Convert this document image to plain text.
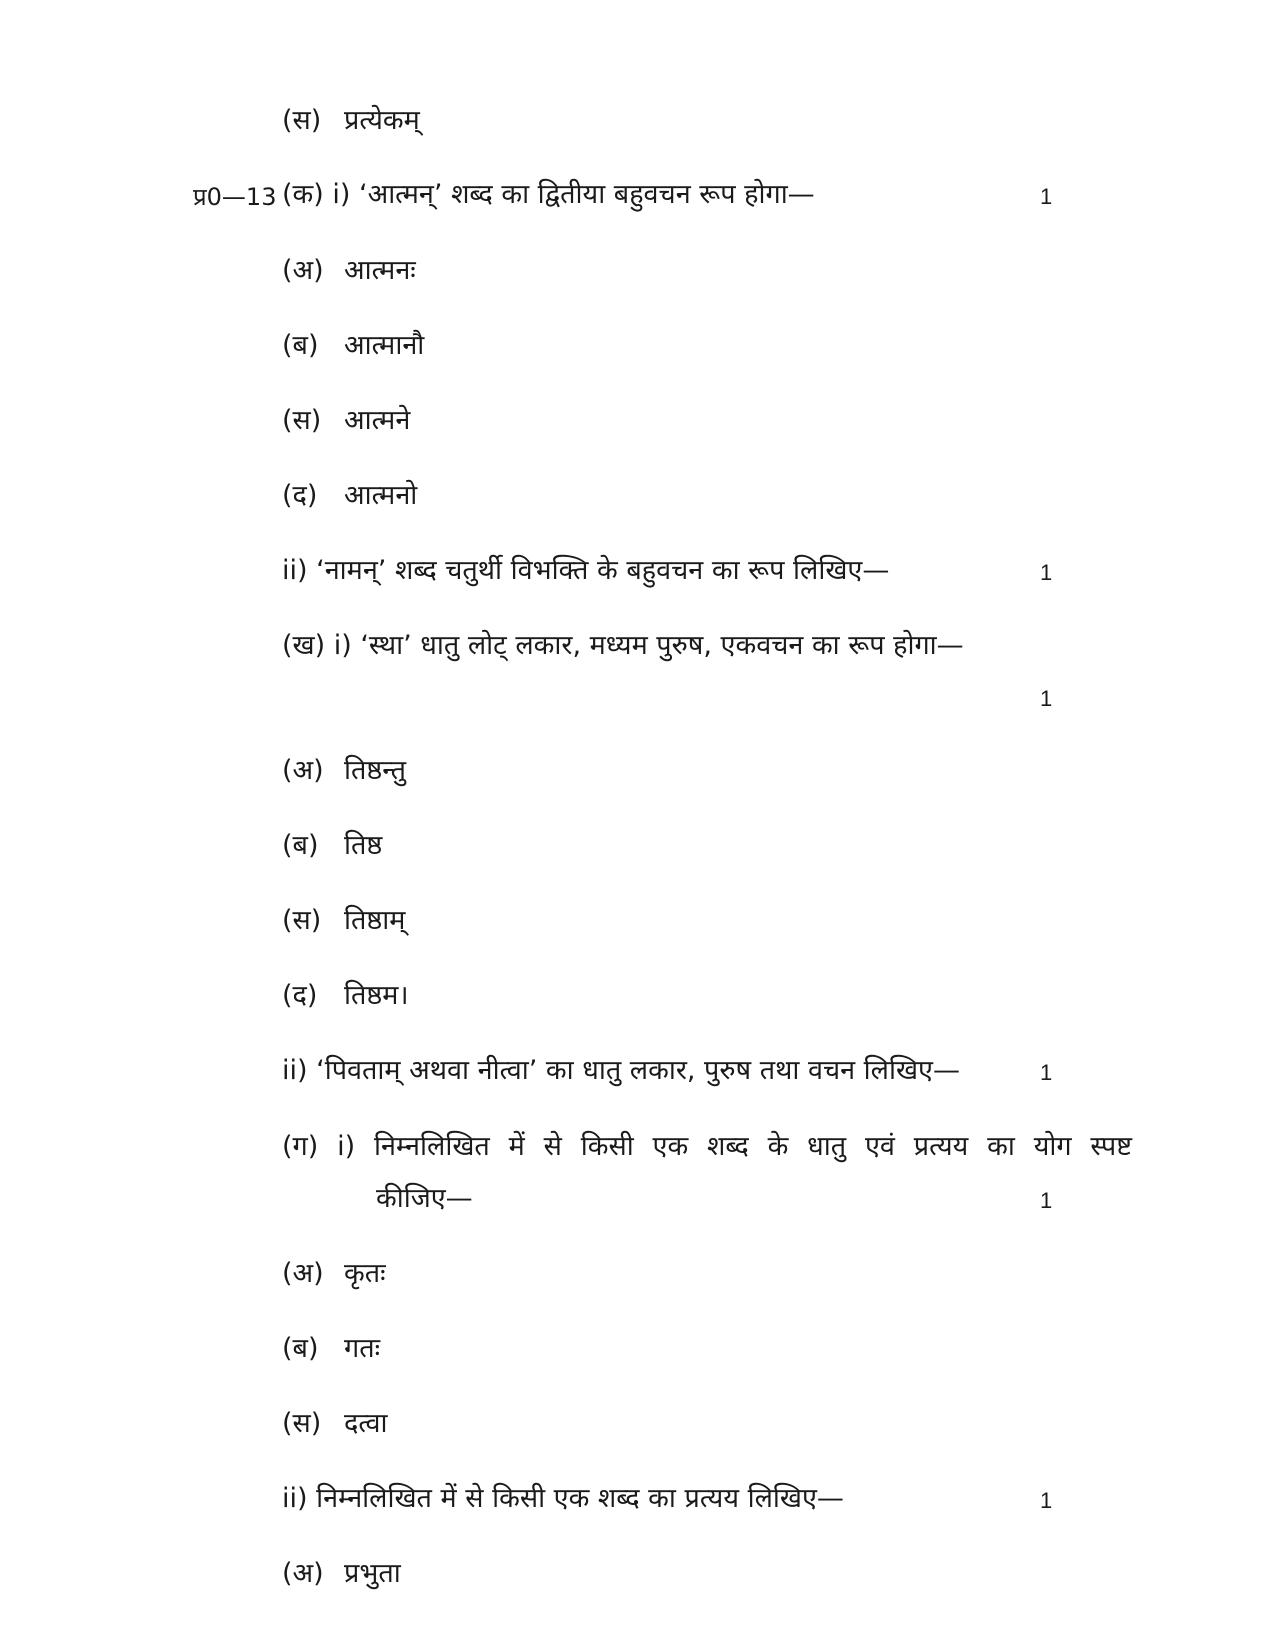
(स) प्रत्येकम्
प्र0—13 (क) i) ‘आत्मन्’ शब्द का द्वितीया बहुवचन रूप होगा—	1
(अ) आत्मनः
(ब) आत्मानौ
(स) आत्मने
(द) आत्मनो
ii) ‘नामन्’ शब्द चतुर्थी विभक्ति के बहुवचन का रूप लिखिए—	1
(ख) i) ‘स्था’ धातु लोट् लकार, मध्यम पुरुष, एकवचन का रूप होगा—
1
(अ) तिष्ठन्तु
(ब) तिष्ठ
(स) तिष्ठाम्
(द) तिष्ठम।
ii) ‘पिवताम् अथवा नीत्वा’ का धातु लकार, पुरुष तथा वचन लिखिए—	1
(ग) i) निम्नलिखित में से किसी एक शब्द के धातु एवं प्रत्यय का योग स्पष्ट
कीजिए—	1
(अ) कृतः
(ब) गतः
(स) दत्वा
ii) निम्नलिखित में से किसी एक शब्द का प्रत्यय लिखिए—	1
(अ) प्रभुता
